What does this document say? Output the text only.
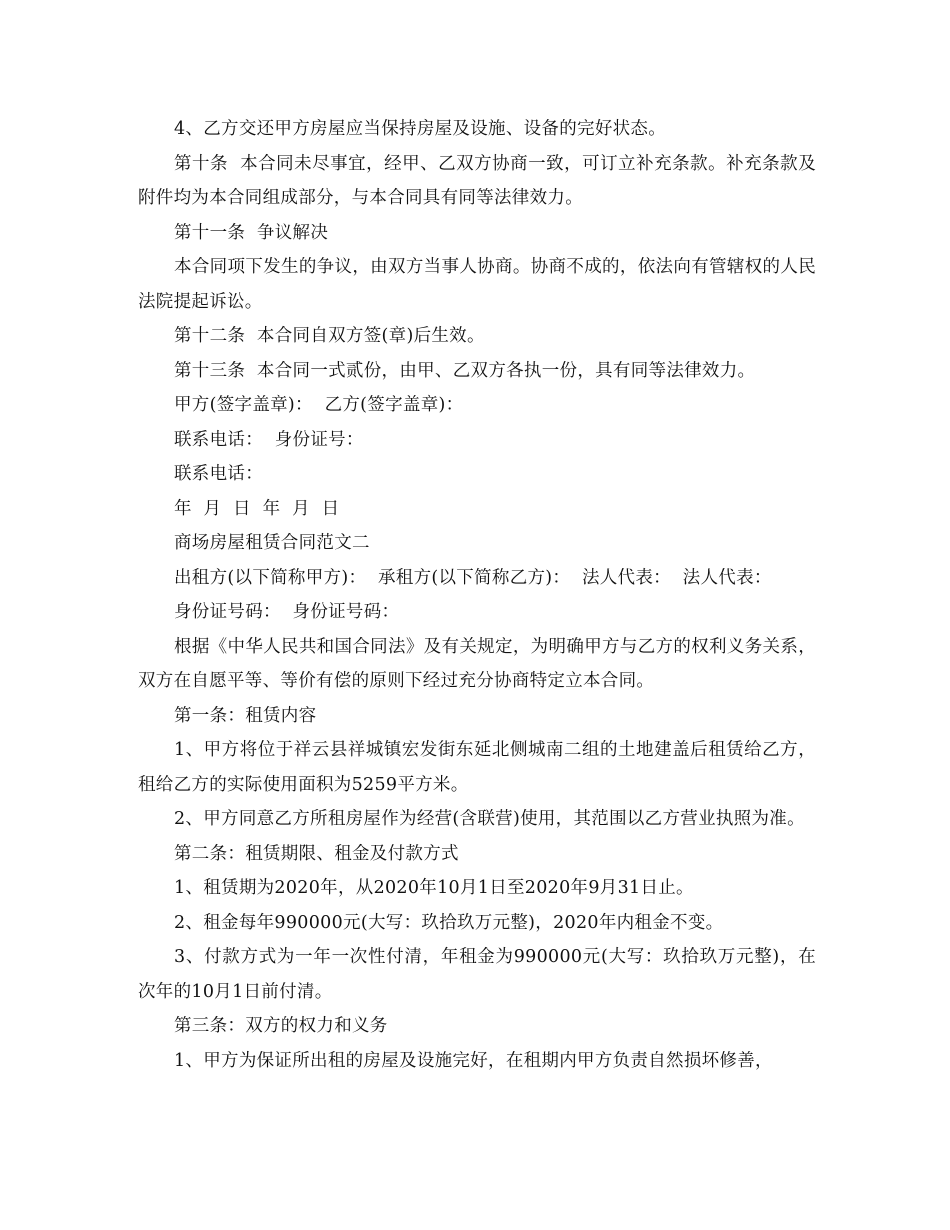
4、乙方交还甲方房屋应当保持房屋及设施、设备的完好状态。

第十条  本合同未尽事宜，经甲、乙双方协商一致，可订立补充条款。补充条款及附件均为本合同组成部分，与本合同具有同等法律效力。

第十一条  争议解决

本合同项下发生的争议，由双方当事人协商。协商不成的，依法向有管辖权的人民法院提起诉讼。

第十二条  本合同自双方签(章)后生效。

第十三条  本合同一式贰份，由甲、乙双方各执一份，具有同等法律效力。

甲方(签字盖章)：  乙方(签字盖章)：

联系电话：  身份证号：

联系电话：

年  月  日  年  月  日

商场房屋租赁合同范文二

出租方(以下简称甲方)：  承租方(以下简称乙方)：  法人代表：  法人代表：

身份证号码：  身份证号码：

根据《中华人民共和国合同法》及有关规定，为明确甲方与乙方的权利义务关系，双方在自愿平等、等价有偿的原则下经过充分协商特定立本合同。

第一条：租赁内容

1、甲方将位于祥云县祥城镇宏发街东延北侧城南二组的土地建盖后租赁给乙方，租给乙方的实际使用面积为5259平方米。

2、甲方同意乙方所租房屋作为经营(含联营)使用，其范围以乙方营业执照为准。

第二条：租赁期限、租金及付款方式

1、租赁期为2020年，从2020年10月1日至2020年9月31日止。

2、租金每年990000元(大写：玖拾玖万元整)，2020年内租金不变。

3、付款方式为一年一次性付清，年租金为990000元(大写：玖拾玖万元整)，在次年的10月1日前付清。

第三条：双方的权力和义务

1、甲方为保证所出租的房屋及设施完好，在租期内甲方负责自然损坏修善，
